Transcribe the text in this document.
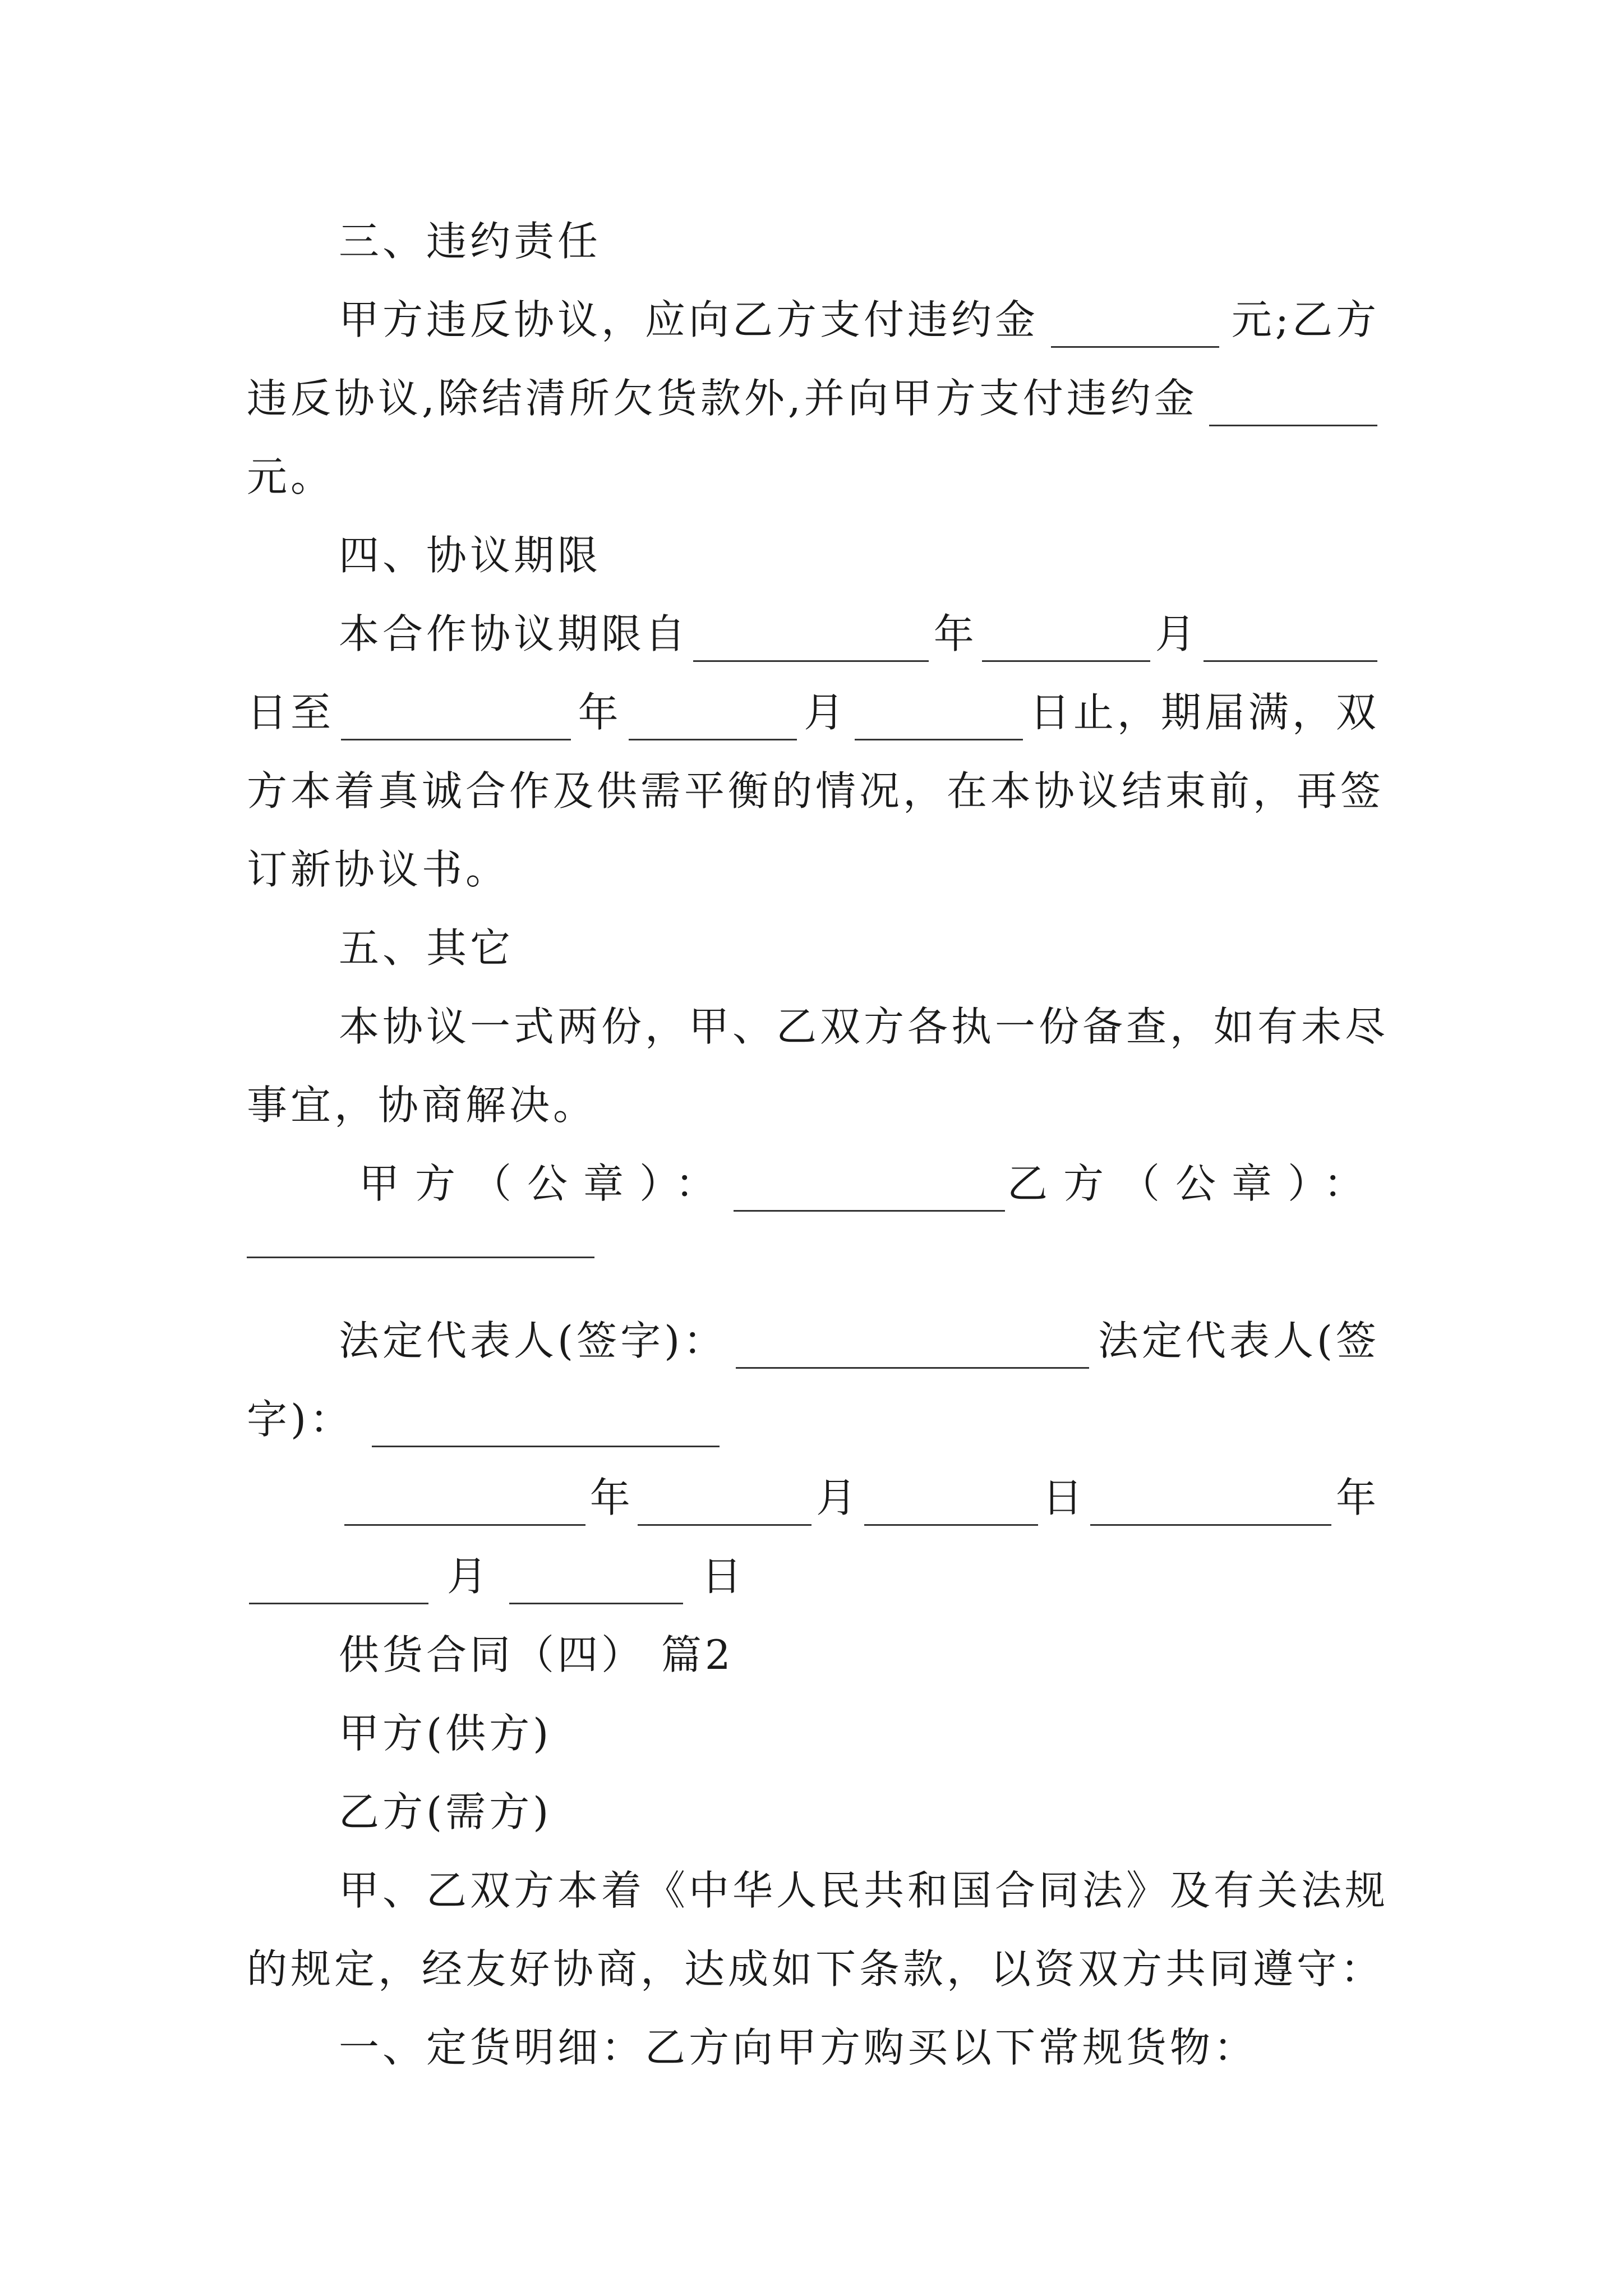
三、违约责任
甲方违反协议，应向乙方支付违约金	元;乙方
违反协议,除结清所欠货款外,并向甲方支付违约金
元。
四、协议期限
本合作协议期限自	年	月
日至	年	月	日止，期届满，双
方本着真诚合作及供需平衡的情况，在本协议结束前，再签
订新协议书。
五、其它
本协议一式两份，甲、乙双方各执一份备查，如有未尽
事宜，协商解决。
甲方（公章）：	乙方（公章）：
法定代表人(签字)：	法定代表人(签
字)：
年	月	日	年
月	日
供货合同（四） 篇2
甲方(供方)
乙方(需方)
甲、乙双方本着《中华人民共和国合同法》及有关法规
的规定，经友好协商，达成如下条款，以资双方共同遵守：
一、定货明细：乙方向甲方购买以下常规货物：
